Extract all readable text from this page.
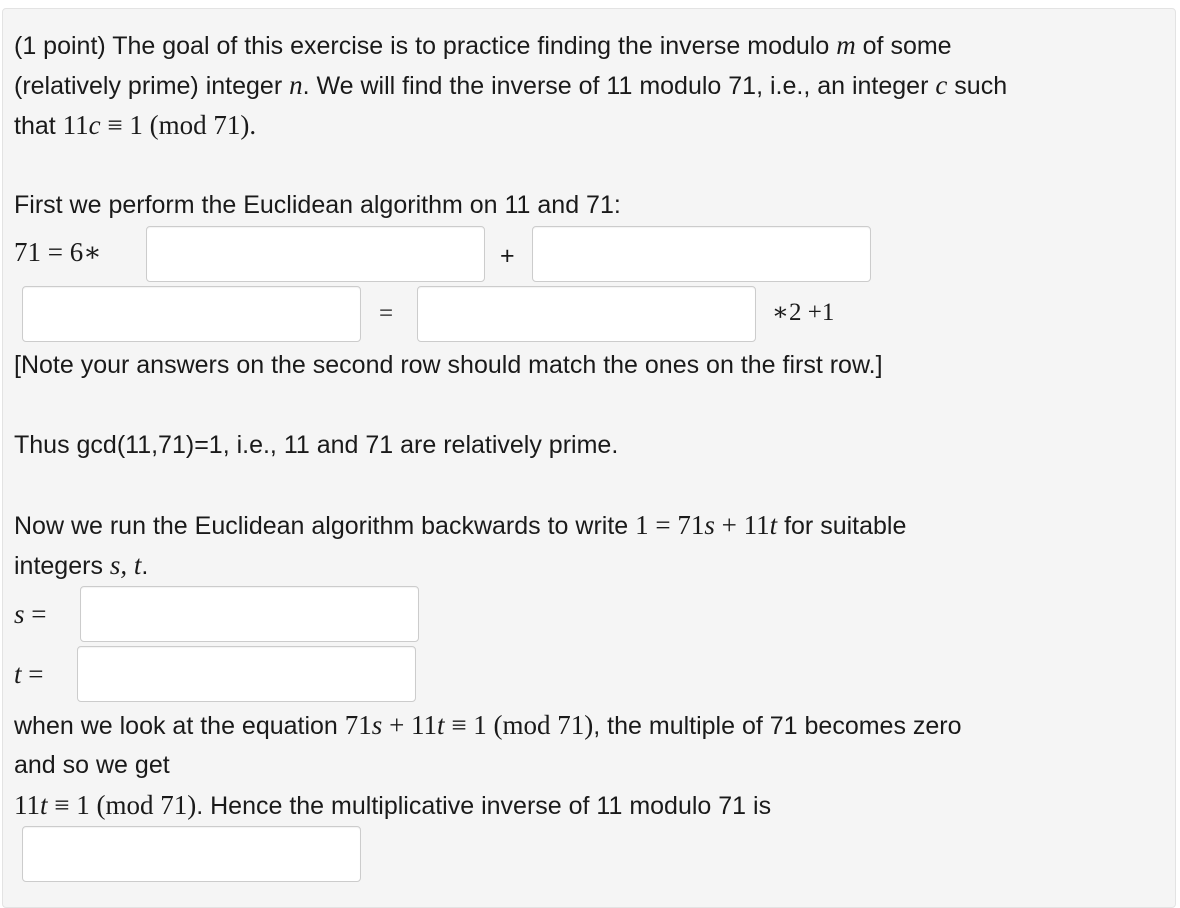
(1 point) The goal of this exercise is to practice finding the inverse modulo m of some
(relatively prime) integer n. We will find the inverse of 11 modulo 71, i.e., an integer c such
that 11c ≡ 1 (mod 71).
First we perform the Euclidean algorithm on 11 and 71:
71 = 6∗	+
=	∗2 +1
[Note your answers on the second row should match the ones on the first row.]
Thus gcd(11,71)=1, i.e., 11 and 71 are relatively prime.
Now we run the Euclidean algorithm backwards to write 1 = 71s + 11t for suitable
integers s, t.
s =
t =
when we look at the equation 71s + 11t ≡ 1 (mod 71), the multiple of 71 becomes zero
and so we get
11t ≡ 1 (mod 71). Hence the multiplicative inverse of 11 modulo 71 is
